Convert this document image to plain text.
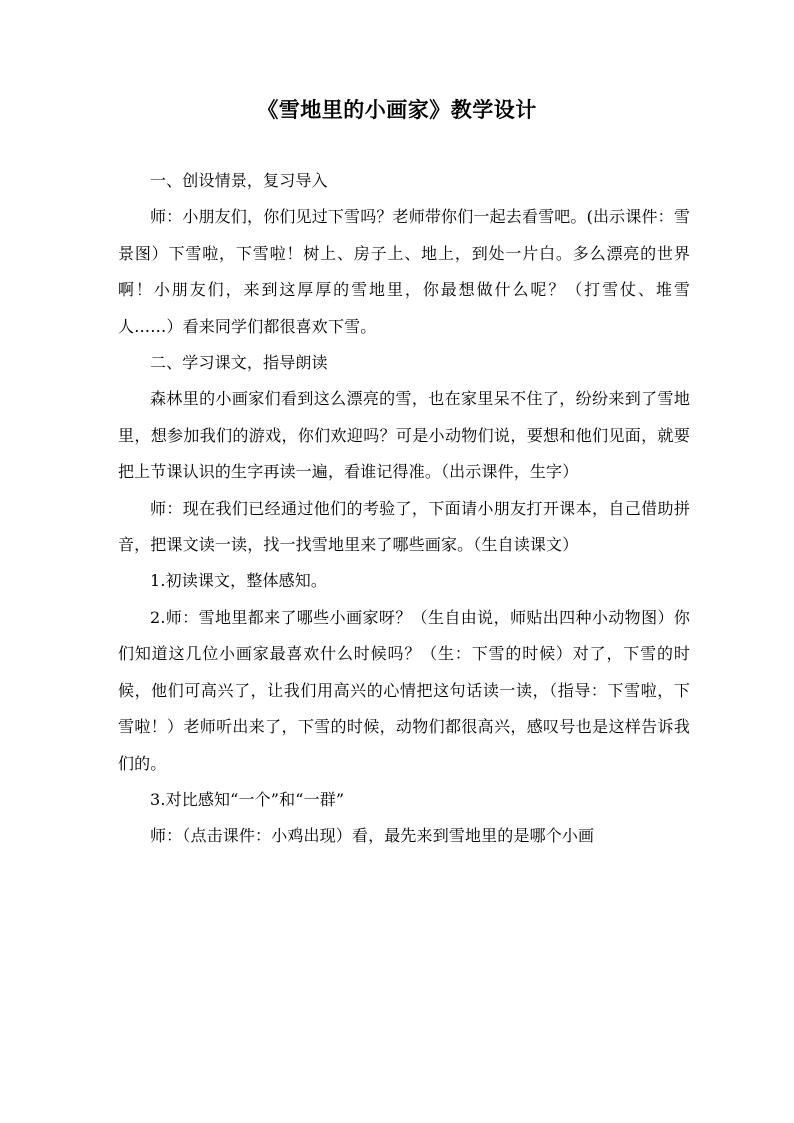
《雪地里的小画家》教学设计

一、创设情景，复习导入

师：小朋友们，你们见过下雪吗？老师带你们一起去看雪吧。(出示课件：雪景图）下雪啦，下雪啦！树上、房子上、地上，到处一片白。多么漂亮的世界啊！小朋友们，来到这厚厚的雪地里，你最想做什么呢？（打雪仗、堆雪人……）看来同学们都很喜欢下雪。

二、学习课文，指导朗读

森林里的小画家们看到这么漂亮的雪，也在家里呆不住了，纷纷来到了雪地里，想参加我们的游戏，你们欢迎吗？可是小动物们说，要想和他们见面，就要把上节课认识的生字再读一遍，看谁记得准。（出示课件，生字）

师：现在我们已经通过他们的考验了，下面请小朋友打开课本，自己借助拼音，把课文读一读，找一找雪地里来了哪些画家。（生自读课文）

1.初读课文，整体感知。

2.师：雪地里都来了哪些小画家呀？（生自由说，师贴出四种小动物图）你们知道这几位小画家最喜欢什么时候吗？（生：下雪的时候）对了，下雪的时候，他们可高兴了，让我们用高兴的心情把这句话读一读，（指导：下雪啦，下雪啦！）老师听出来了，下雪的时候，动物们都很高兴，感叹号也是这样告诉我们的。

3.对比感知“一个”和“一群”

师：（点击课件：小鸡出现）看，最先来到雪地里的是哪个小画
